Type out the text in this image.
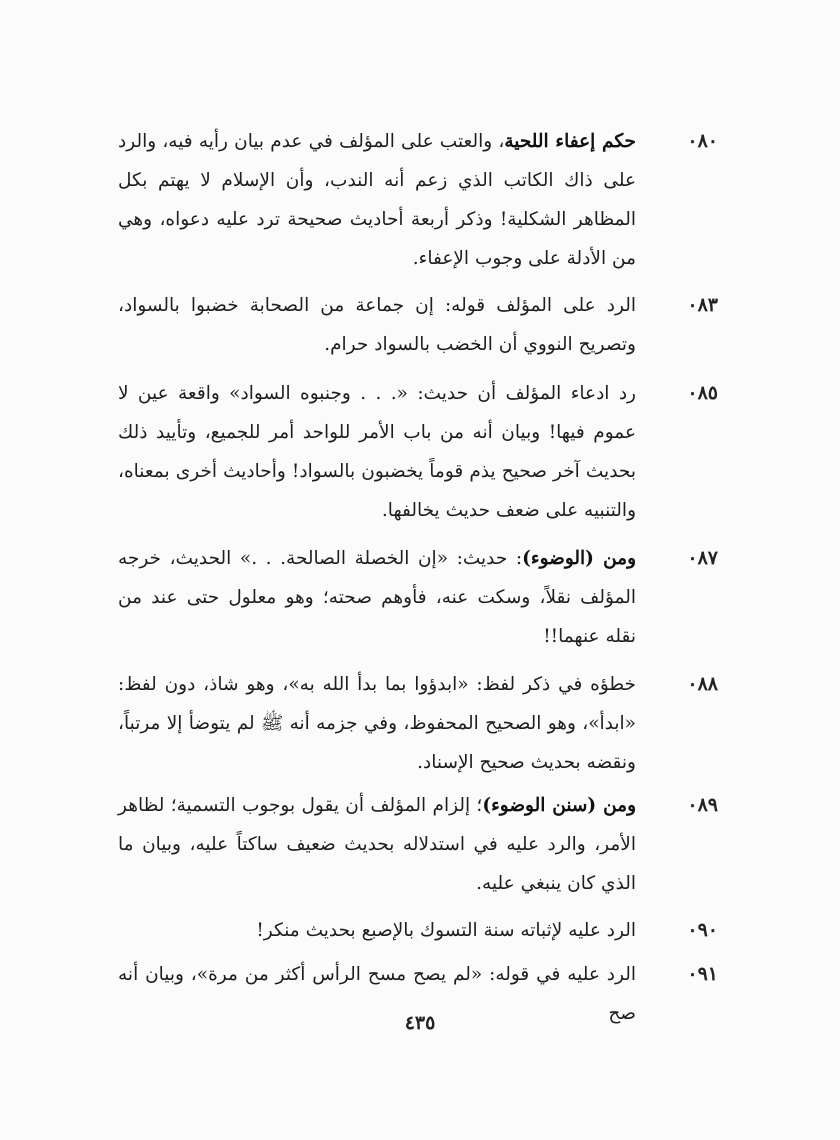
٠٨٠
حكم إعفاء اللحية، والعتب على المؤلف في عدم بيان رأيه فيه، والرد على ذاك الكاتب الذي زعم أنه الندب، وأن الإسلام لا يهتم بكل المظاهر الشكلية! وذكر أربعة أحاديث صحيحة ترد عليه دعواه، وهي من الأدلة على وجوب الإعفاء.
٠٨٣
الرد على المؤلف قوله: إن جماعة من الصحابة خضبوا بالسواد، وتصريح النووي أن الخضب بالسواد حرام.
٠٨٥
رد ادعاء المؤلف أن حديث: «. . . وجنبوه السواد» واقعة عين لا عموم فيها! وبيان أنه من باب الأمر للواحد أمر للجميع، وتأييد ذلك بحديث آخر صحيح يذم قوماً يخضبون بالسواد! وأحاديث أخرى بمعناه، والتنبيه على ضعف حديث يخالفها.
٠٨٧
ومن (الوضوء): حديث: «إن الخصلة الصالحة. . .» الحديث، خرجه المؤلف نقلاً، وسكت عنه، فأوهم صحته؛ وهو معلول حتى عند من نقله عنهما!!
٠٨٨
خطؤه في ذكر لفظ: «ابدؤوا بما بدأ الله به»، وهو شاذ، دون لفظ: «ابدأ»، وهو الصحيح المحفوظ، وفي جزمه أنه ﷺ لم يتوضأ إلا مرتباً، ونقضه بحديث صحيح الإسناد.
٠٨٩
ومن (سنن الوضوء)؛ إلزام المؤلف أن يقول بوجوب التسمية؛ لظاهر الأمر، والرد عليه في استدلاله بحديث ضعيف ساكتاً عليه، وبيان ما الذي كان ينبغي عليه.
٠٩٠
الرد عليه لإثباته سنة التسوك بالإصبع بحديث منكر!
٠٩١
الرد عليه في قوله: «لم يصح مسح الرأس أكثر من مرة»، وبيان أنه صح
٤٣٥
